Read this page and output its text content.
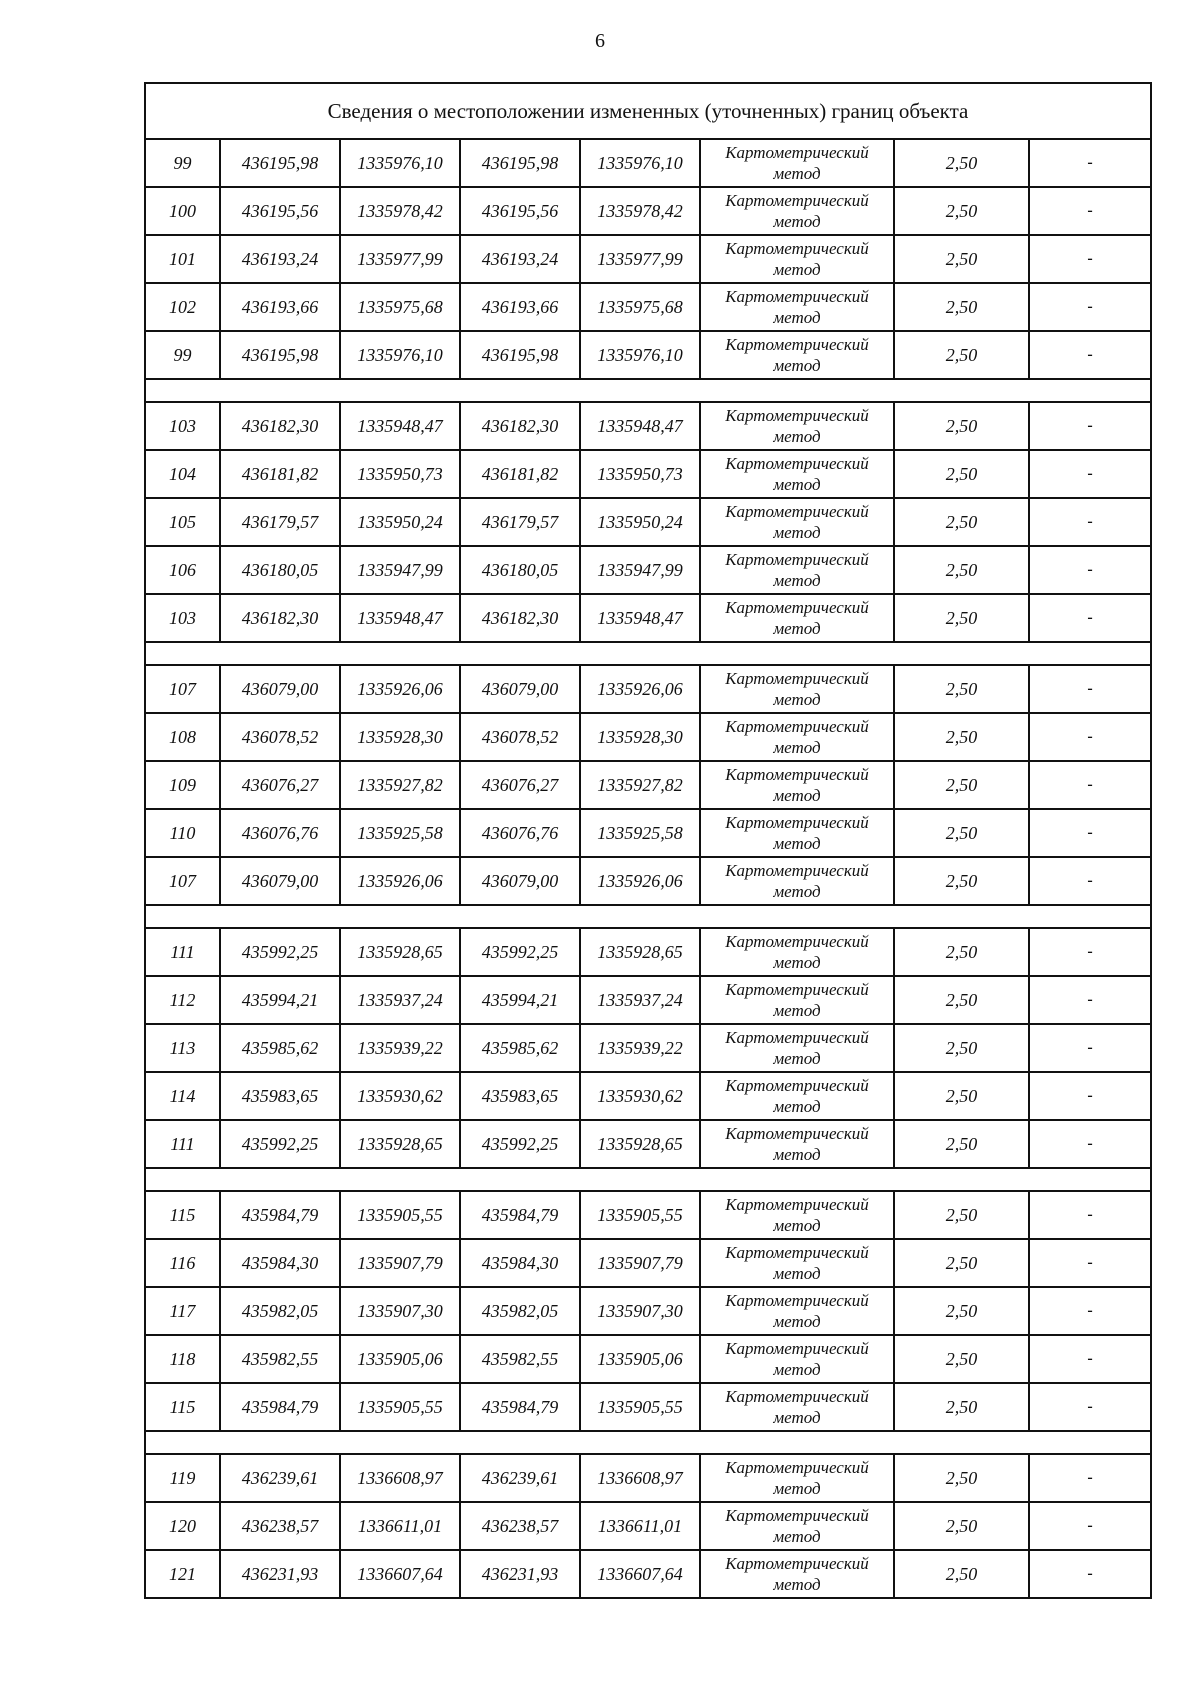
6
Сведения о местоположении измененных (уточненных) границ объекта							
99	436195,98	1335976,10	436195,98	1335976,10	Картометрический метод	2,50	-
100	436195,56	1335978,42	436195,56	1335978,42	Картометрический метод	2,50	-
101	436193,24	1335977,99	436193,24	1335977,99	Картометрический метод	2,50	-
102	436193,66	1335975,68	436193,66	1335975,68	Картометрический метод	2,50	-
99	436195,98	1335976,10	436195,98	1335976,10	Картометрический метод	2,50	-

103	436182,30	1335948,47	436182,30	1335948,47	Картометрический метод	2,50	-
104	436181,82	1335950,73	436181,82	1335950,73	Картометрический метод	2,50	-
105	436179,57	1335950,24	436179,57	1335950,24	Картометрический метод	2,50	-
106	436180,05	1335947,99	436180,05	1335947,99	Картометрический метод	2,50	-
103	436182,30	1335948,47	436182,30	1335948,47	Картометрический метод	2,50	-

107	436079,00	1335926,06	436079,00	1335926,06	Картометрический метод	2,50	-
108	436078,52	1335928,30	436078,52	1335928,30	Картометрический метод	2,50	-
109	436076,27	1335927,82	436076,27	1335927,82	Картометрический метод	2,50	-
110	436076,76	1335925,58	436076,76	1335925,58	Картометрический метод	2,50	-
107	436079,00	1335926,06	436079,00	1335926,06	Картометрический метод	2,50	-

111	435992,25	1335928,65	435992,25	1335928,65	Картометрический метод	2,50	-
112	435994,21	1335937,24	435994,21	1335937,24	Картометрический метод	2,50	-
113	435985,62	1335939,22	435985,62	1335939,22	Картометрический метод	2,50	-
114	435983,65	1335930,62	435983,65	1335930,62	Картометрический метод	2,50	-
111	435992,25	1335928,65	435992,25	1335928,65	Картометрический метод	2,50	-

115	435984,79	1335905,55	435984,79	1335905,55	Картометрический метод	2,50	-
116	435984,30	1335907,79	435984,30	1335907,79	Картометрический метод	2,50	-
117	435982,05	1335907,30	435982,05	1335907,30	Картометрический метод	2,50	-
118	435982,55	1335905,06	435982,55	1335905,06	Картометрический метод	2,50	-
115	435984,79	1335905,55	435984,79	1335905,55	Картометрический метод	2,50	-

119	436239,61	1336608,97	436239,61	1336608,97	Картометрический метод	2,50	-
120	436238,57	1336611,01	436238,57	1336611,01	Картометрический метод	2,50	-
121	436231,93	1336607,64	436231,93	1336607,64	Картометрический метод	2,50	-
